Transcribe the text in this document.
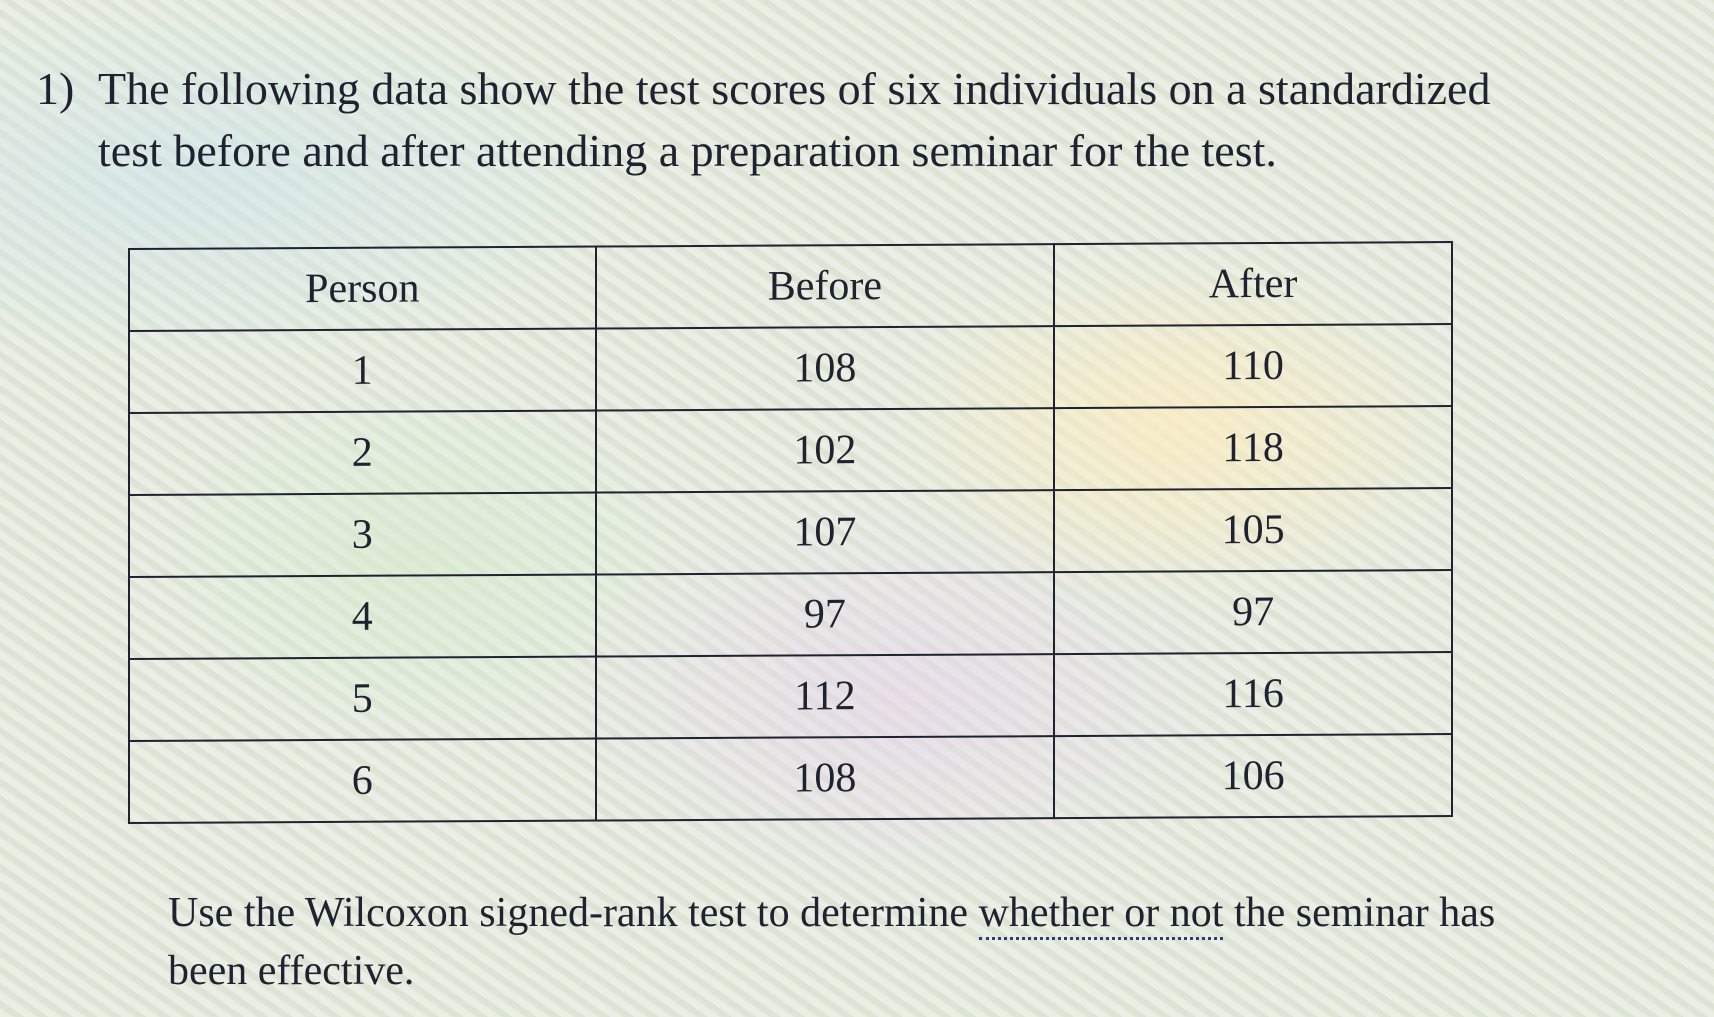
1) The following data show the test scores of six individuals on a standardized test before and after attending a preparation seminar for the test.
Person	Before	After
1	108	110
2	102	118
3	107	105
4	97	97
5	112	116
6	108	106
Use the Wilcoxon signed-rank test to determine whether or not the seminar has been effective.
